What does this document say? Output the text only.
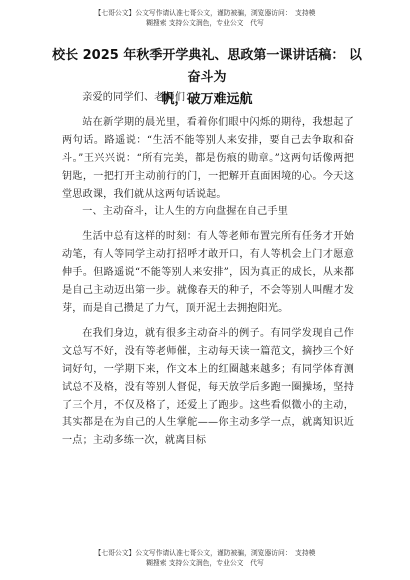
【七哥公文】公文写作请认准七哥公文，谨防被骗，浏览器访问：　支持模
糊搜索 支持公文润色，专业公文　代写
校长 2025 年秋季开学典礼、思政第一课讲话稿： 以奋斗为
帆，破万难远航

亲爱的同学们、老师们：

站在新学期的晨光里，看着你们眼中闪烁的期待，我想起了两句话。路遥说：“生活不能等别人来安排，要自己去争取和奋斗。”王兴兴说：“所有完美，都是伤痕的勋章。”这两句话像两把钥匙，一把打开主动前行的门，一把解开直面困境的心。今天这堂思政课，我们就从这两句话说起。

一、主动奋斗，让人生的方向盘握在自己手里

生活中总有这样的时刻：有人等老师布置完所有任务才开始动笔，有人等同学主动打招呼才敢开口，有人等机会上门才愿意伸手。但路遥说“不能等别人来安排”，因为真正的成长，从来都是自己主动迈出第一步。就像春天的种子，不会等别人叫醒才发芽，而是自己攒足了力气，顶开泥土去拥抱阳光。

在我们身边，就有很多主动奋斗的例子。有同学发现自己作文总写不好，没有等老师催，主动每天读一篇范文，摘抄三个好词好句，一学期下来，作文本上的红圈越来越多；有同学体育测试总不及格，没有等别人督促，每天放学后多跑一圈操场，坚持了三个月，不仅及格了，还爱上了跑步。这些看似微小的主动，其实都是在为自己的人生掌舵——你主动多学一点，就离知识近一点；主动多练一次，就离目标

【七哥公文】公文写作请认准七哥公文，谨防被骗，浏览器访问：　支持模
糊搜索 支持公文润色，专业公文　代写
